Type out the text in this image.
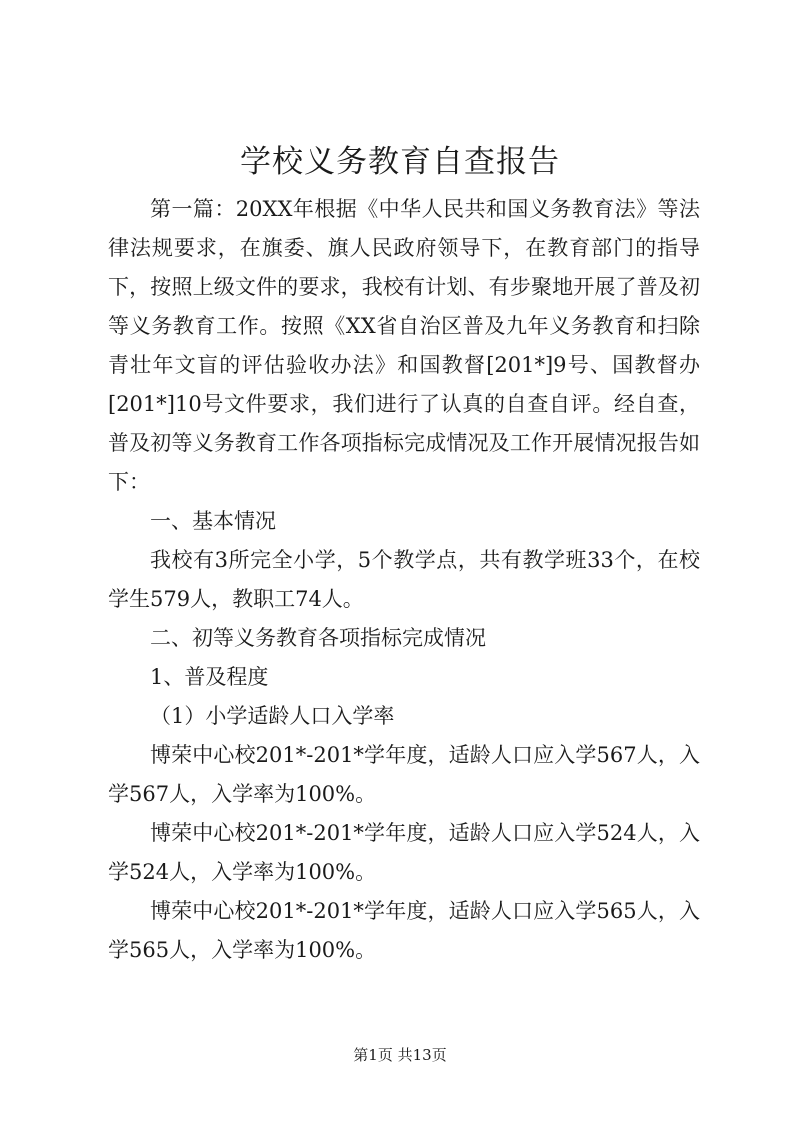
学校义务教育自查报告

第一篇：20XX年根据《中华人民共和国义务教育法》等法律法规要求，在旗委、旗人民政府领导下，在教育部门的指导下，按照上级文件的要求，我校有计划、有步聚地开展了普及初等义务教育工作。按照《XX省自治区普及九年义务教育和扫除青壮年文盲的评估验收办法》和国教督[201*]9号、国教督办[201*]10号文件要求，我们进行了认真的自查自评。经自查，普及初等义务教育工作各项指标完成情况及工作开展情况报告如下：

一、基本情况

我校有3所完全小学，5个教学点，共有教学班33个，在校学生579人，教职工74人。

二、初等义务教育各项指标完成情况

1、普及程度

（1）小学适龄人口入学率

博荣中心校201*-201*学年度，适龄人口应入学567人，入学567人，入学率为100%。

博荣中心校201*-201*学年度，适龄人口应入学524人，入学524人，入学率为100%。

博荣中心校201*-201*学年度，适龄人口应入学565人，入学565人，入学率为100%。

第1页 共13页
